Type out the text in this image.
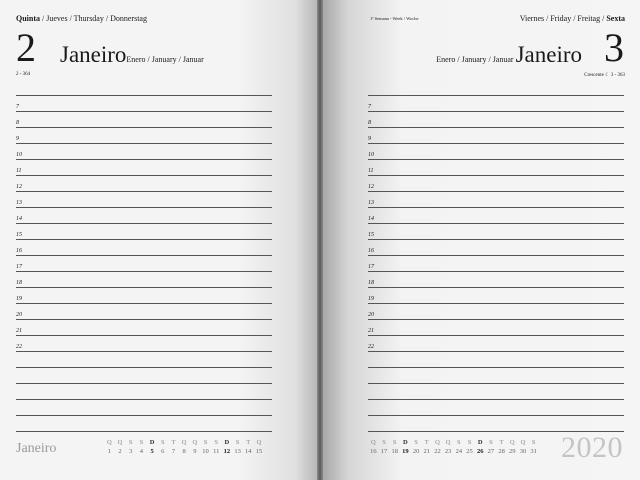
Quinta / Jueves / Thursday / Donnerstag
2 JaneiroEnero / January / Januar
2 - 364
7
8
9
10
11
12
13
14
15
16
17
18
19
20
21
22
Janeiro	Q Q	S	S	D	S	T Q Q	S	S	D	S	T Q
1	2	3	4	5	6	7	8	9 10 11 12 13 14 15
1ª Semana - Week / Woche	Viernes / Friday / Freitag / Sexta
Enero / January / Januar Janeiro 3
Crescente ☾ 3 - 363
7
8
9
10
11
12
13
14
15
16
17
18
19
20
21
22
Q	S	S	D	S	T Q Q	S	S	D	S	T Q Q	S
16 17 18 19 20 21 22 23 24 25 26 27 28 29 30 31 2020
